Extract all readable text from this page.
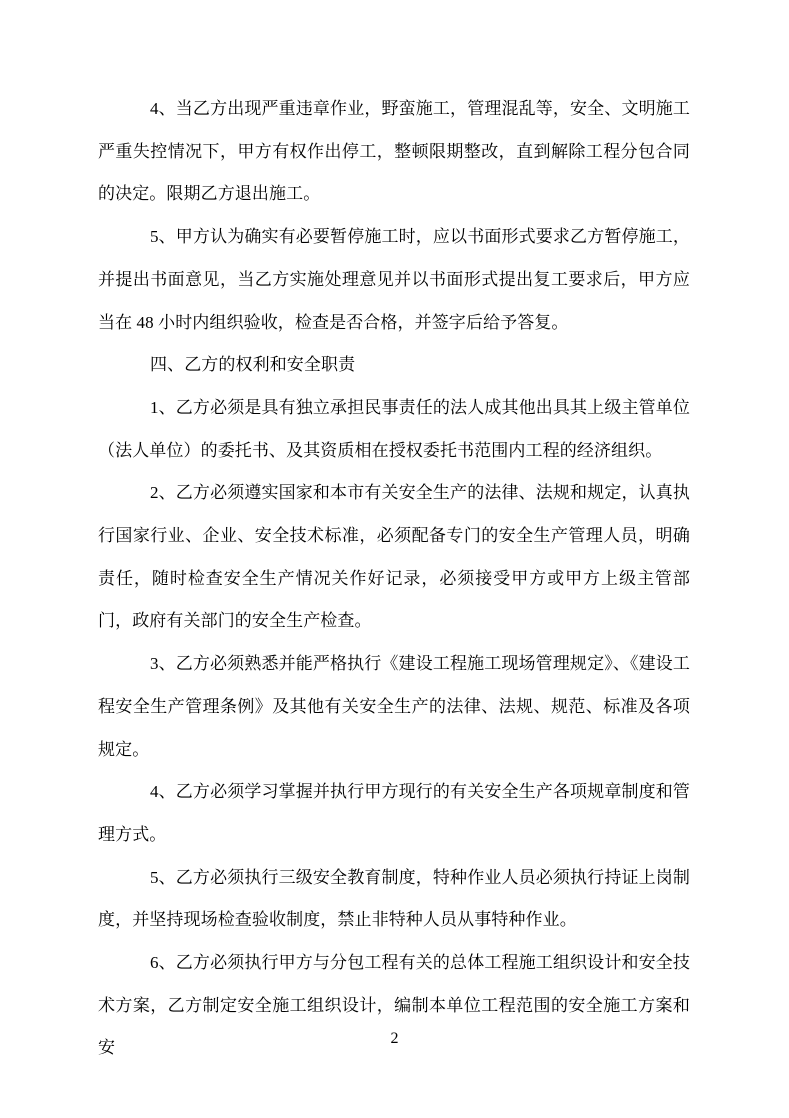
4、当乙方出现严重违章作业，野蛮施工，管理混乱等，安全、文明施工严重失控情况下，甲方有权作出停工，整顿限期整改，直到解除工程分包合同的决定。限期乙方退出施工。

5、甲方认为确实有必要暂停施工时，应以书面形式要求乙方暂停施工，并提出书面意见，当乙方实施处理意见并以书面形式提出复工要求后，甲方应当在 48 小时内组织验收，检查是否合格，并签字后给予答复。

四、乙方的权利和安全职责

1、乙方必须是具有独立承担民事责任的法人成其他出具其上级主管单位（法人单位）的委托书、及其资质相在授权委托书范围内工程的经济组织。

2、乙方必须遵实国家和本市有关安全生产的法律、法规和规定，认真执行国家行业、企业、安全技术标准，必须配备专门的安全生产管理人员，明确责任，随时检查安全生产情况关作好记录，必须接受甲方或甲方上级主管部门，政府有关部门的安全生产检查。

3、乙方必须熟悉并能严格执行《建设工程施工现场管理规定》、《建设工程安全生产管理条例》及其他有关安全生产的法律、法规、规范、标准及各项规定。

4、乙方必须学习掌握并执行甲方现行的有关安全生产各项规章制度和管理方式。

5、乙方必须执行三级安全教育制度，特种作业人员必须执行持证上岗制度，并坚持现场检查验收制度，禁止非特种人员从事特种作业。

6、乙方必须执行甲方与分包工程有关的总体工程施工组织设计和安全技术方案，乙方制定安全施工组织设计，编制本单位工程范围的安全施工方案和安	2
